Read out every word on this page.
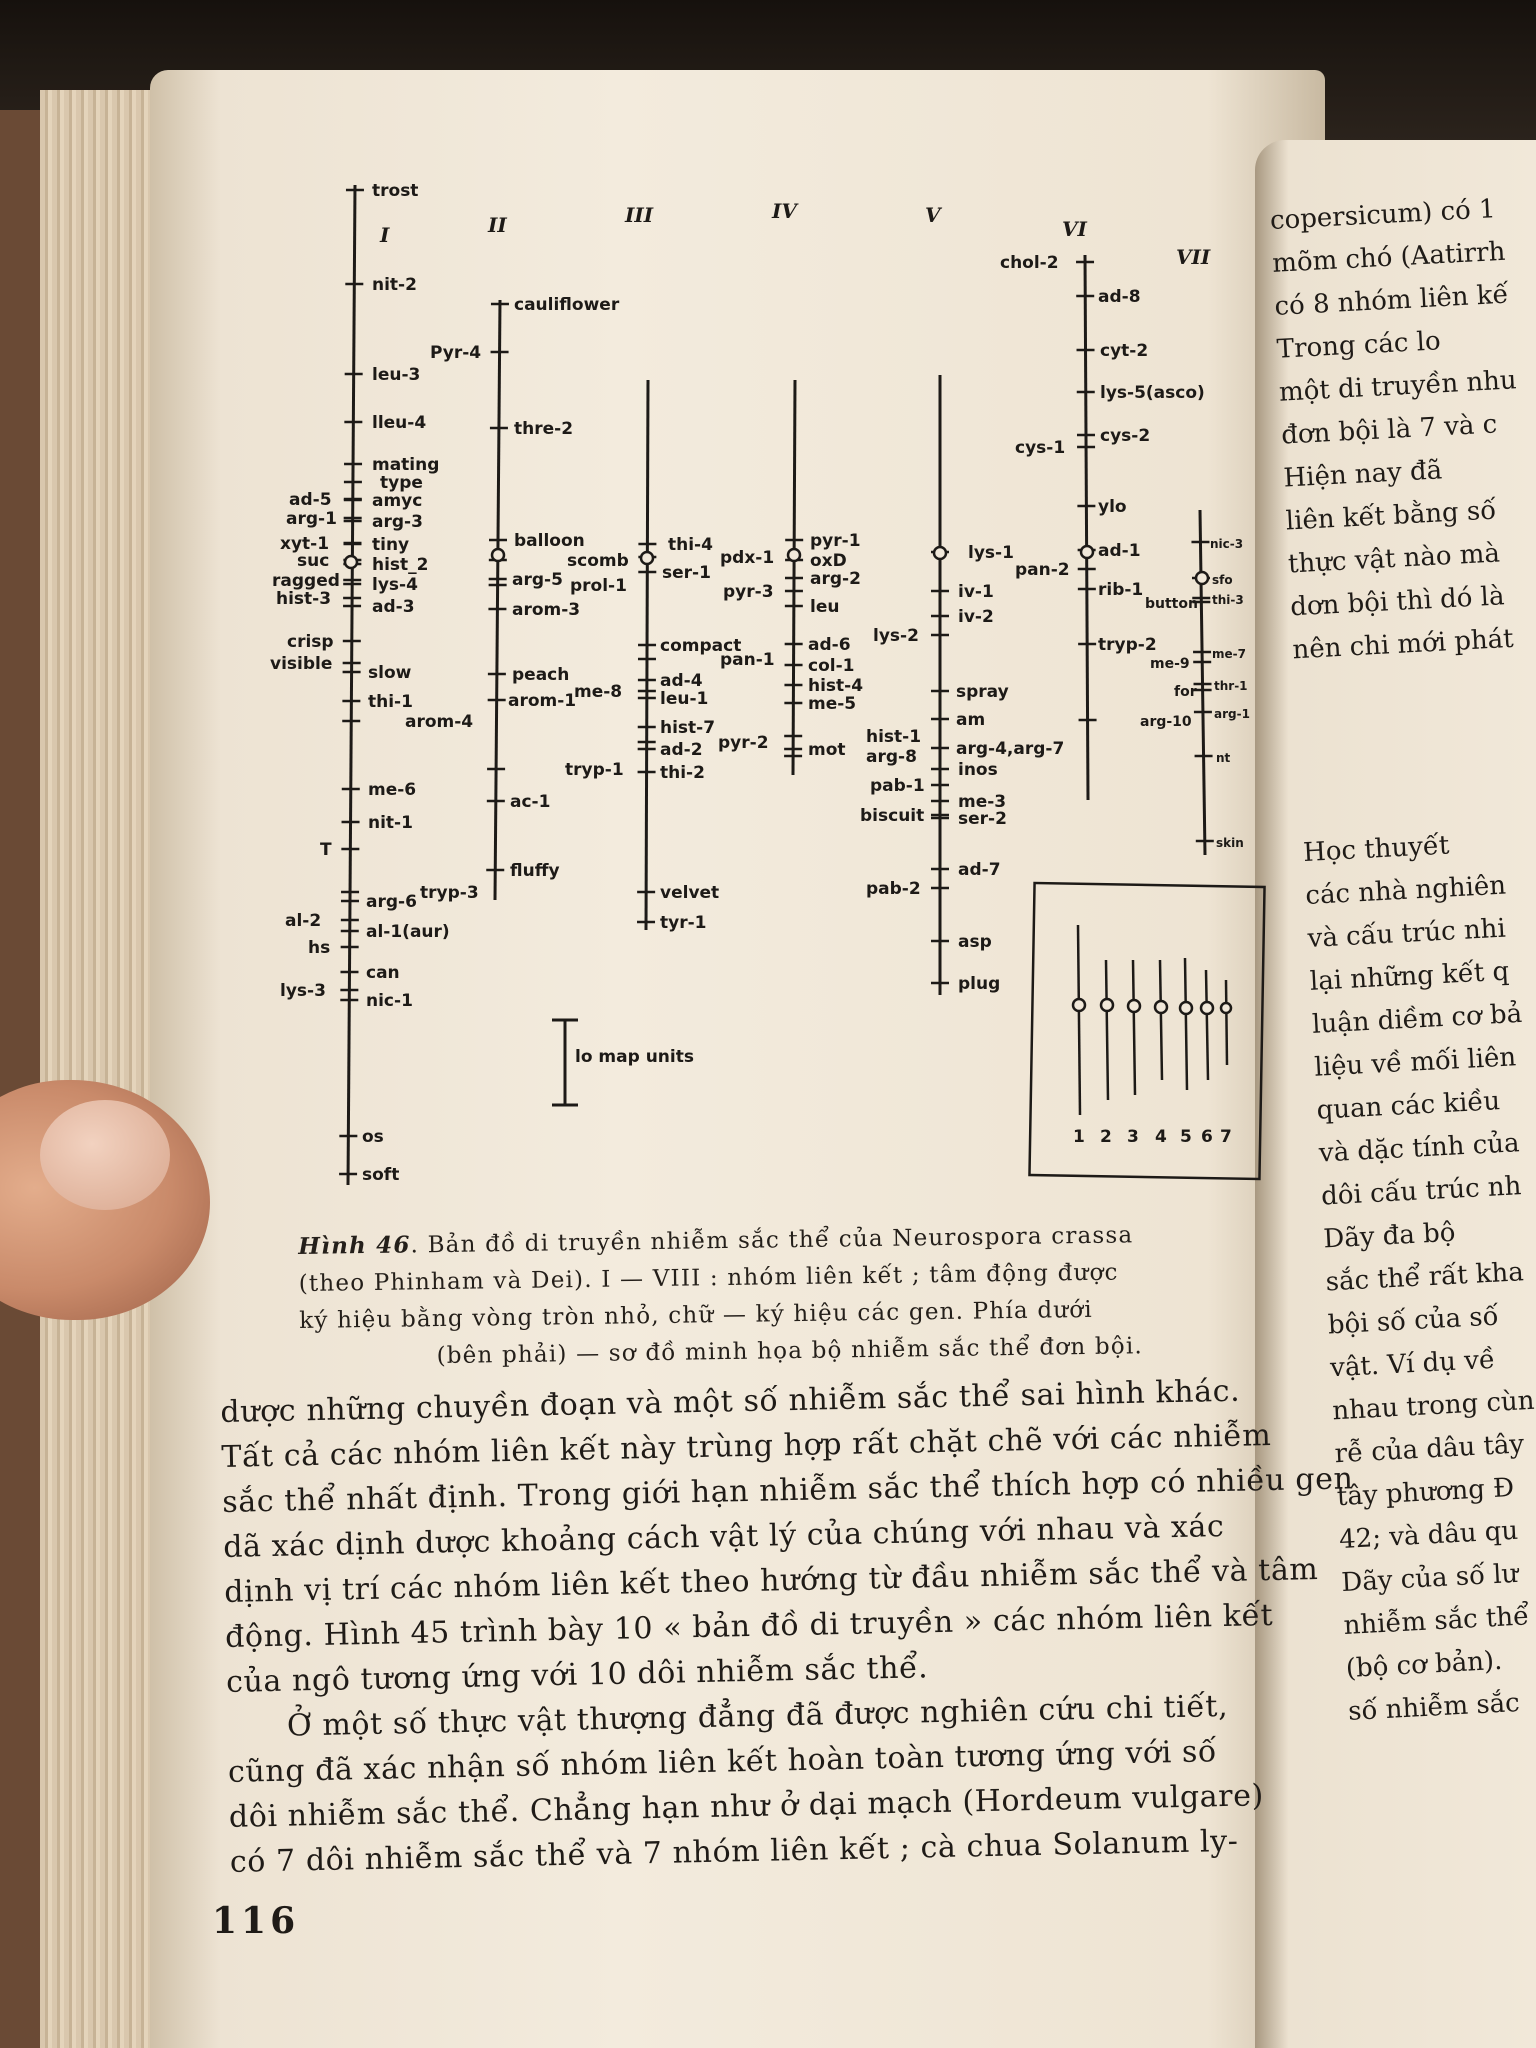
copersicum) có 1

mõm chó (Aatirrh

có 8 nhóm liên kế

Trong các lo

một di truyền nhu

đơn bội là 7 và c

Hiện nay đã

liên kết bằng số

thực vật nào mà

dơn bội thì dó là

nên chi mới phát

Học thuyết

các nhà nghiên

và cấu trúc nhi

lại những kết q

luận diềm cơ bả

liệu về mối liên

quan các kiều

và dặc tính của

dôi cấu trúc nh

Dãy đa bộ

sắc thể rất kha

bội số của số

vật. Ví dụ về

nhau trong cùn

rễ của dâu tây

tây phương Đ

42; và dâu qu

Dãy của số lư

nhiễm sắc thể

(bộ cơ bản).

số nhiễm sắc

I	II	III	IV	V
VI
VII
trost
nit-2
leu-3
lleu-4
mating
type
amyc
arg-3
tiny
hist_2
lys-4
ad-3
slow
thi-1
me-6
nit-1
arg-6
al-1(aur)
can
nic-1
os
soft
ad-5
arg-1
xyt-1
suc
ragged
hist-3
crisp
visible
arom-4
T
al-2
hs
lys-3
cauliflower
Pyr-4
thre-2
balloon
arg-5
arom-3
peach
arom-1
ac-1
fluffy
tryp-3
scomb
prol-1
me-8
thi-4
ser-1
compact
ad-4
leu-1
hist-7
ad-2
thi-2
velvet
tyr-1
tryp-1
pyr-1
oxD
arg-2
leu
ad-6
col-1
hist-4
me-5
mot
pdx-1
pyr-3
pan-1
pyr-2
lys-1
iv-1
iv-2
spray
am
arg-4,arg-7
inos
me-3
ser-2
ad-7
asp
plug
lys-2
hist-1
arg-8
pab-1
biscuit
pab-2
chol-2
ad-8
cyt-2
lys-5(asco)
cys-2
cys-1
ylo
ad-1
rib-1
tryp-2
pan-2
nic-3
sfo
thi-3
me-7
thr-1
arg-1
nt
skin
button
me-9
for
arg-10
lo map units
1 2 3 4 5 6 7
Hình 46. Bản đồ di truyền nhiễm sắc thể của Neurospora crassa
(theo Phinham và Dei). I — VIII : nhóm liên kết ; tâm động được
ký hiệu bằng vòng tròn nhỏ, chữ — ký hiệu các gen. Phía dưới

(bên phải) — sơ đồ minh họa bộ nhiễm sắc thể đơn bội.

dược những chuyền đoạn và một số nhiễm sắc thể sai hình khác.

Tất cả các nhóm liên kết này trùng hợp rất chặt chẽ với các nhiễm

sắc thể nhất định. Trong giới hạn nhiễm sắc thể thích hợp có nhiều gen

dã xác dịnh dược khoảng cách vật lý của chúng với nhau và xác

dịnh vị trí các nhóm liên kết theo hướng từ đầu nhiễm sắc thể và tâm

động. Hình 45 trình bày 10 « bản đồ di truyền » các nhóm liên kết

của ngô tương ứng với 10 dôi nhiễm sắc thể.

Ở một số thực vật thượng đẳng đã được nghiên cứu chi tiết,

cũng đã xác nhận số nhóm liên kết hoàn toàn tương ứng với số

dôi nhiễm sắc thể. Chẳng hạn như ở dại mạch (Hordeum vulgare)

có 7 dôi nhiễm sắc thể và 7 nhóm liên kết ; cà chua Solanum ly-

116
